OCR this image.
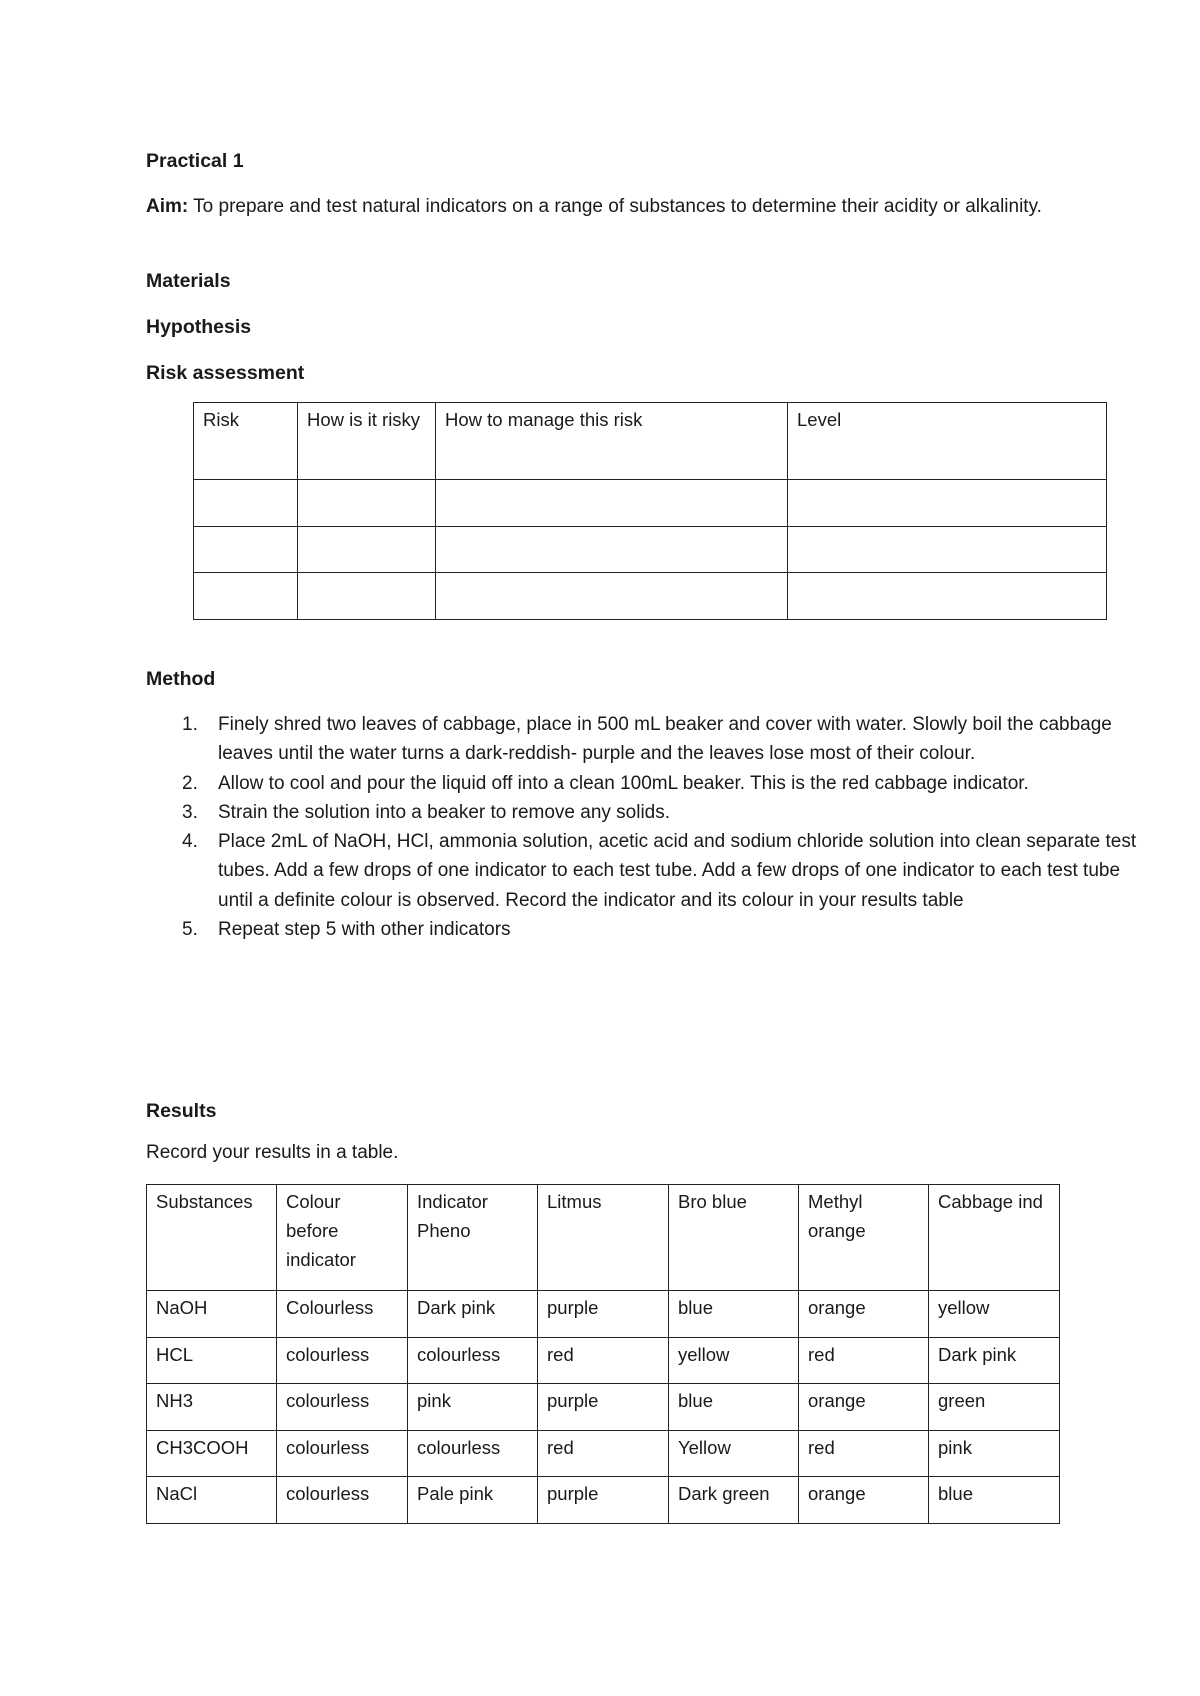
Practical 1

Aim: To prepare and test natural indicators on a range of substances to determine their acidity or alkalinity.

Materials
Hypothesis
Risk assessment
Risk	How is it risky	How to manage this risk	Level

Method
1. Finely shred two leaves of cabbage, place in 500 mL beaker and cover with water. Slowly boil the cabbage leaves until the water turns a dark-reddish- purple and the leaves lose most of their colour.
2. Allow to cool and pour the liquid off into a clean 100mL beaker. This is the red cabbage indicator.
3. Strain the solution into a beaker to remove any solids.
4. Place 2mL of NaOH, HCl, ammonia solution, acetic acid and sodium chloride solution into clean separate test tubes. Add a few drops of one indicator to each test tube. Add a few drops of one indicator to each test tube until a definite colour is observed. Record the indicator and its colour in your results table
5. Repeat step 5 with other indicators
Results

Record your results in a table.

Substances	Colour before indicator	Indicator Pheno	Litmus	Bro blue	Methyl orange	Cabbage ind
NaOH	Colourless	Dark pink	purple	blue	orange	yellow
HCL	colourless	colourless	red	yellow	red	Dark pink
NH3	colourless	pink	purple	blue	orange	green
CH3COOH	colourless	colourless	red	Yellow	red	pink
NaCl	colourless	Pale pink	purple	Dark green	orange	blue
